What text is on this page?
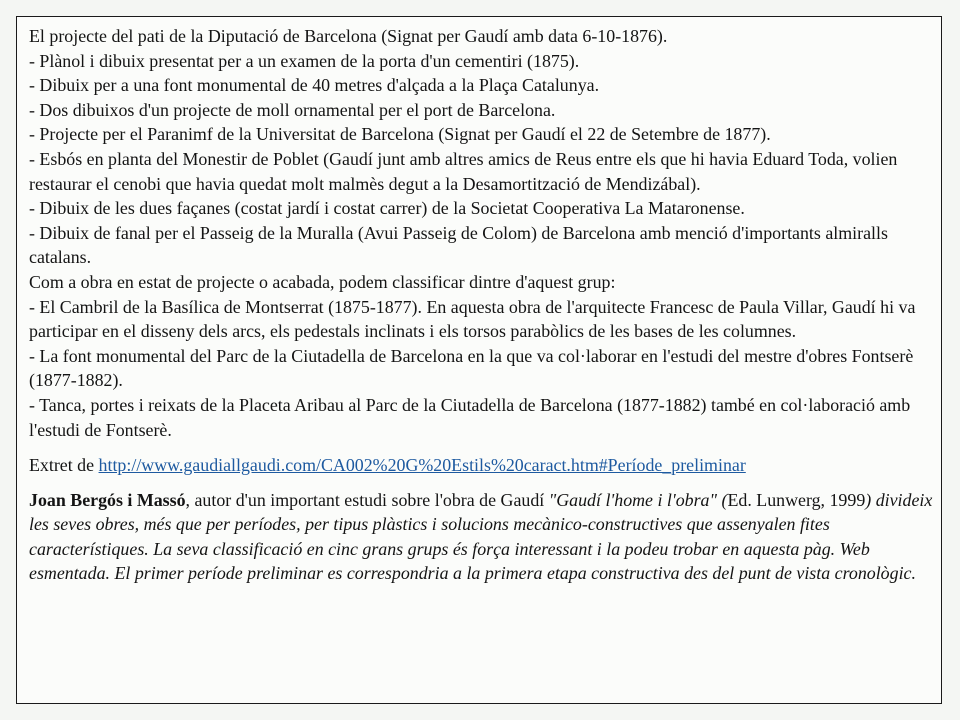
El projecte del pati de la Diputació de Barcelona (Signat per Gaudí amb data 6-10-1876).

- Plànol i dibuix presentat per a un examen de la porta d'un cementiri (1875).

- Dibuix per a una font monumental de 40 metres d'alçada a la Plaça Catalunya.

- Dos dibuixos d'un projecte de moll ornamental per el port de Barcelona.

- Projecte per el Paranimf de la Universitat de Barcelona (Signat per Gaudí el 22 de Setembre de 1877).

- Esbós en planta del Monestir de Poblet (Gaudí junt amb altres amics de Reus entre els que hi havia Eduard Toda, volien restaurar el cenobi que havia quedat molt malmès degut a la Desamortització de Mendizábal).

- Dibuix de les dues façanes (costat jardí i costat carrer) de la Societat Cooperativa La Mataronense.

- Dibuix de fanal per el Passeig de la Muralla (Avui Passeig de Colom) de Barcelona amb menció d'importants almiralls catalans.

Com a obra en estat de projecte o acabada, podem classificar dintre d'aquest grup:

- El Cambril de la Basílica de Montserrat (1875-1877). En aquesta obra de l'arquitecte Francesc de Paula Villar, Gaudí hi va participar en el disseny dels arcs, els pedestals inclinats i els torsos parabòlics de les bases de les columnes.

- La font monumental del Parc de la Ciutadella de Barcelona en la que va col·laborar en l'estudi del mestre d'obres Fontserè (1877-1882).

- Tanca, portes i reixats de la Placeta Aribau al Parc de la Ciutadella de Barcelona (1877-1882) també en col·laboració amb l'estudi de Fontserè.

Extret de http://www.gaudiallgaudi.com/CA002%20G%20Estils%20caract.htm#Període_preliminar

Joan Bergós i Massó, autor d'un important estudi sobre l'obra de Gaudí "Gaudí l'home i l'obra" (Ed. Lunwerg, 1999) divideix les seves obres, més que per períodes, per tipus plàstics i solucions mecànico-constructives que assenyalen fites característiques. La seva classificació en cinc grans grups és força interessant i la podeu trobar en aquesta pàg. Web esmentada. El primer període preliminar es correspondria a la primera etapa constructiva des del punt de vista cronològic.
